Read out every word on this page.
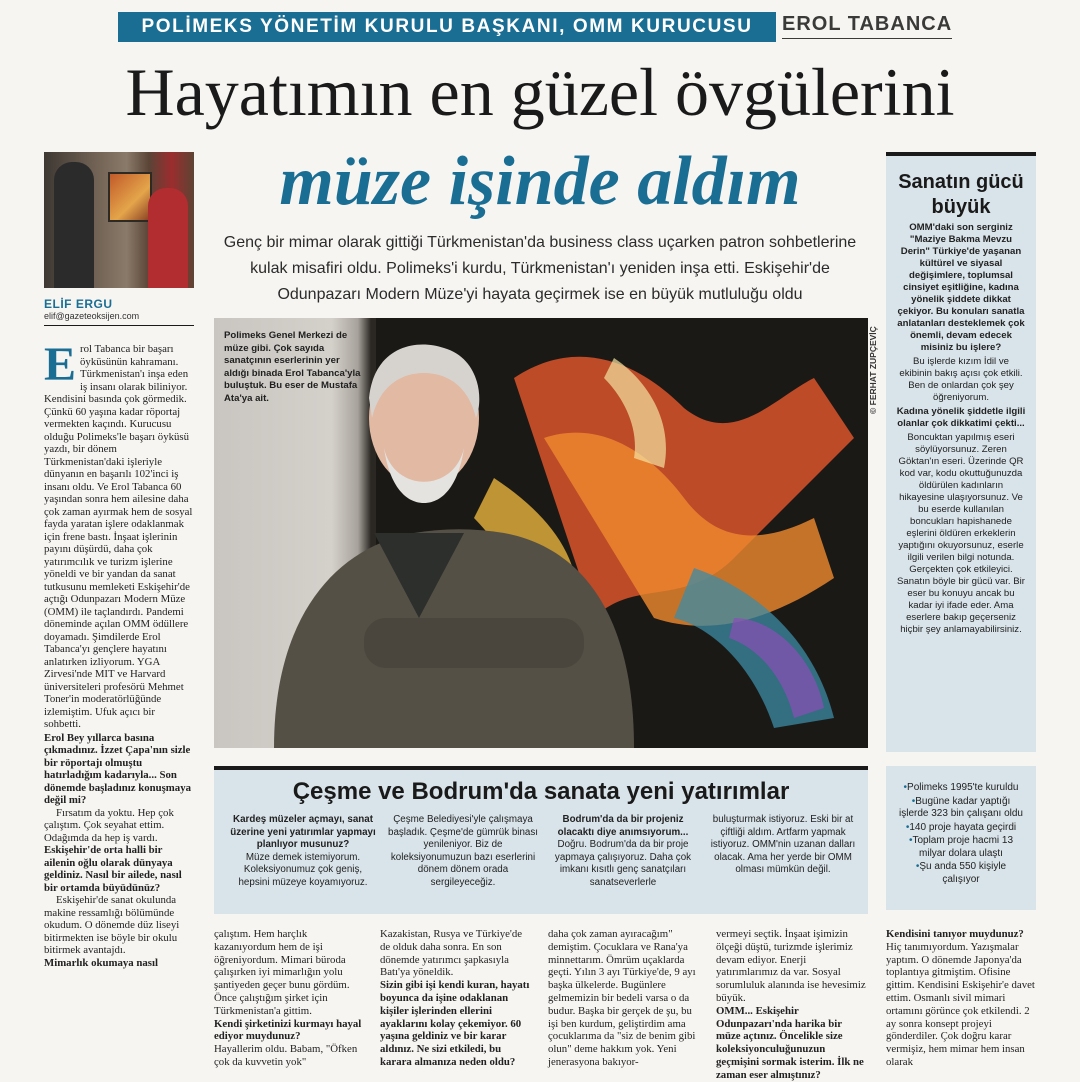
POLİMEKS YÖNETİM KURULU BAŞKANI, OMM KURUCUSU	EROL TABANCA
Hayatımın en güzel övgülerini
müze işinde aldım
Genç bir mimar olarak gittiği Türkmenistan'da business class uçarken patron sohbetlerine kulak misafiri oldu. Polimeks'i kurdu, Türkmenistan'ı yeniden inşa etti. Eskişehir'de Odunpazarı Modern Müze'yi hayata geçirmek ise en büyük mutluluğu oldu
ELİF ERGU
elif@gazeteoksijen.com

Erol Tabanca bir başarı öyküsünün kahramanı. Türkmenistan'ı inşa eden iş insanı olarak biliniyor. Kendisini basında çok görmedik. Çünkü 60 yaşına kadar röportaj vermekten kaçındı. Kurucusu olduğu Polimeks'le başarı öyküsü yazdı, bir dönem Türkmenistan'daki işleriyle dünyanın en başarılı 102'inci iş insanı oldu. Ve Erol Tabanca 60 yaşından sonra hem ailesine daha çok zaman ayırmak hem de sosyal fayda yaratan işlere odaklanmak için frene bastı. İnşaat işlerinin payını düşürdü, daha çok yatırımcılık ve turizm işlerine yöneldi ve bir yandan da sanat tutkusunu memleketi Eskişehir'de açtığı Odunpazarı Modern Müze (OMM) ile taçlandırdı. Pandemi döneminde açılan OMM ödüllere doyamadı. Şimdilerde Erol Tabanca'yı gençlere hayatını anlatırken izliyorum. YGA Zirvesi'nde MIT ve Harvard üniversiteleri profesörü Mehmet Toner'in moderatörlüğünde izlemiştim. Ufuk açıcı bir sohbetti.

Erol Bey yıllarca basına çıkmadınız. İzzet Çapa'nın sizle bir röportajı olmuştu hatırladığım kadarıyla... Son dönemde başladınız konuşmaya değil mi?

Fırsatım da yoktu. Hep çok çalıştım. Çok seyahat ettim. Odağımda da hep iş vardı.

Eskişehir'de orta halli bir ailenin oğlu olarak dünyaya geldiniz. Nasıl bir ailede, nasıl bir ortamda büyüdünüz?

Eskişehir'de sanat okulunda makine ressamlığı bölümünde okudum. O dönemde düz liseyi bitirmekten ise böyle bir okulu bitirmek avantajdı.

Mimarlık okumaya nasıl

Polimeks Genel Merkezi de müze gibi. Çok sayıda sanatçının eserlerinin yer aldığı binada Erol Tabanca'yla buluştuk. Bu eser de Mustafa Ata'ya ait.	© FERHAT ZUPÇEVİÇ
Sanatın gücü büyük

OMM'daki son serginiz "Maziye Bakma Mevzu Derin" Türkiye'de yaşanan kültürel ve siyasal değişimlere, toplumsal cinsiyet eşitliğine, kadına yönelik şiddete dikkat çekiyor. Bu konuları sanatla anlatanları desteklemek çok önemli, devam edecek misiniz bu işlere?

Bu işlerde kızım İdil ve ekibinin bakış açısı çok etkili. Ben de onlardan çok şey öğreniyorum.

Kadına yönelik şiddetle ilgili olanlar çok dikkatimi çekti...

Boncuktan yapılmış eseri söylüyorsunuz. Zeren Göktan'ın eseri. Üzerinde QR kod var, kodu okuttuğunuzda öldürülen kadınların hikayesine ulaşıyorsunuz. Ve bu eserde kullanılan boncukları hapishanede eşlerini öldüren erkeklerin yaptığını okuyorsunuz, eserle ilgili verilen bilgi notunda. Gerçekten çok etkileyici. Sanatın böyle bir gücü var. Bir eser bu konuyu ancak bu kadar iyi ifade eder. Ama eserlere bakıp geçerseniz hiçbir şey anlamayabilirsiniz.

Çeşme ve Bodrum'da sanata yeni yatırımlar
Kardeş müzeler açmayı, sanat üzerine yeni yatırımlar yapmayı planlıyor musunuz?
Müze demek istemiyorum. Koleksiyonumuz çok geniş, hepsini müzeye koyamıyoruz.
Çeşme Belediyesi'yle çalışmaya başladık. Çeşme'de gümrük binası yenileniyor. Biz de koleksiyonumuzun bazı eserlerini dönem dönem orada sergileyeceğiz.
Bodrum'da da bir projeniz olacaktı diye anımsıyorum...
Doğru. Bodrum'da da bir proje yapmaya çalışıyoruz. Daha çok imkanı kısıtlı genç sanatçıları sanatseverlerle
buluşturmak istiyoruz. Eski bir at çiftliği aldım. Artfarm yapmak istiyoruz. OMM'nin uzanan dalları olacak. Ama her yerde bir OMM olması mümkün değil.
• Polimeks 1995'te kuruldu
• Bugüne kadar yaptığı işlerde 323 bin çalışanı oldu
• 140 proje hayata geçirdi
• Toplam proje hacmi 13 milyar dolara ulaştı
• Şu anda 550 kişiyle çalışıyor

çalıştım. Hem harçlık kazanıyordum hem de işi öğreniyordum. Mimari büroda çalışırken iyi mimarlığın yolu şantiyeden geçer bunu gördüm. Önce çalıştığım şirket için Türkmenistan'a gittim.

Kendi şirketinizi kurmayı hayal ediyor muydunuz?

Hayallerim oldu. Babam, "Öfken çok da kuvvetin yok"

Kazakistan, Rusya ve Türkiye'de de olduk daha sonra. En son dönemde yatırımcı şapkasıyla Batı'ya yöneldik.

Sizin gibi işi kendi kuran, hayatı boyunca da işine odaklanan kişiler işlerinden ellerini ayaklarını kolay çekemiyor. 60 yaşına geldiniz ve bir karar aldınız. Ne sizi etkiledi, bu karara almanıza neden oldu?

daha çok zaman ayıracağım" demiştim. Çocuklara ve Rana'ya minnettarım. Ömrüm uçaklarda geçti. Yılın 3 ayı Türkiye'de, 9 ayı başka ülkelerde. Bugünlere gelmemizin bir bedeli varsa o da budur. Başka bir gerçek de şu, bu işi ben kurdum, geliştirdim ama çocuklarıma da "siz de benim gibi olun" deme hakkım yok. Yeni jenerasyona bakıyor-

vermeyi seçtik. İnşaat işimizin ölçeği düştü, turizmde işlerimiz devam ediyor. Enerji yatırımlarımız da var. Sosyal sorumluluk alanında ise hevesimiz büyük.

OMM... Eskişehir Odunpazarı'nda harika bir müze açtınız. Öncelikle size koleksiyonculuğunuzun geçmişini sormak isterim. İlk ne zaman eser almıştınız?

Kendisini tanıyor muydunuz?

Hiç tanımıyordum. Yazışmalar yaptım. O dönemde Japonya'da toplantıya gitmiştim. Ofisine gittim. Kendisini Eskişehir'e davet ettim. Osmanlı sivil mimari ortamını görünce çok etkilendi. 2 ay sonra konsept projeyi gönderdiler. Çok doğru karar vermişiz, hem mimar hem insan olarak
